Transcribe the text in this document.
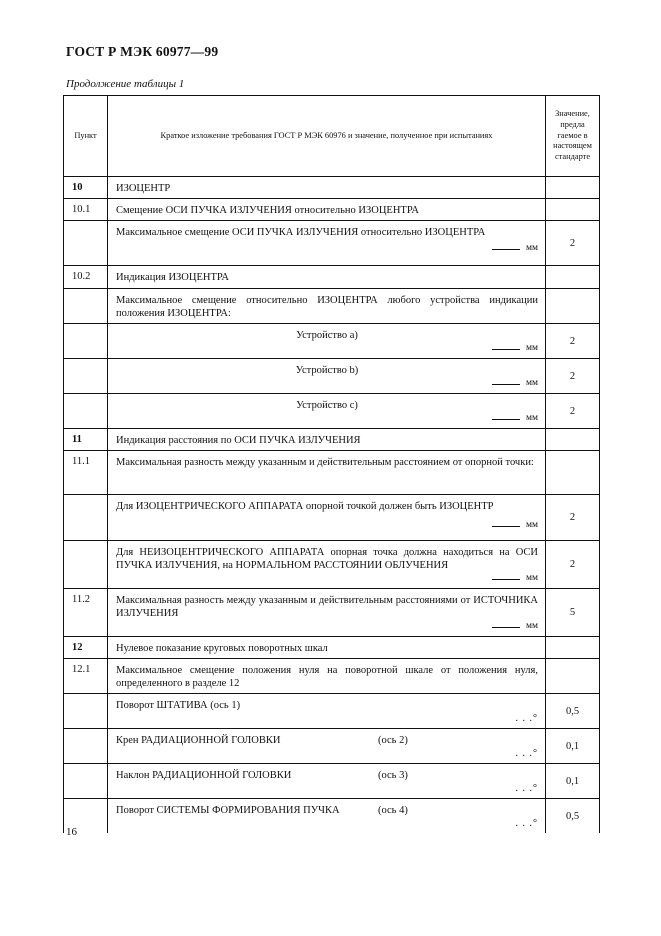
ГОСТ Р МЭК 60977—99
Продолжение таблицы 1
Пункт	Краткое изложение требования ГОСТ Р МЭК 60976 и значение, полученное при испытаниях	Значение,
предла
гаемое в
настоящем
стандарте
10	ИЗОЦЕНТР	
10.1	Смещение ОСИ ПУЧКА ИЗЛУЧЕНИЯ относительно ИЗОЦЕНТРА	

	Максимальное смещение ОСИ ПУЧКА ИЗЛУЧЕНИЯ относительно ИЗОЦЕНТРА
мм	2
10.2	Индикация ИЗОЦЕНТРА	
	Максимальное смещение относительно ИЗОЦЕНТРА любого устройства индикации положения ИЗОЦЕНТРА:	

	Устройство а)
мм	2

	Устройство b)
мм	2

	Устройство с)
мм	2
11	Индикация расстояния по ОСИ ПУЧКА ИЗЛУЧЕНИЯ	
11.1	Максимальная разность между указанным и действительным расстоянием от опорной точки:	

	Для ИЗОЦЕНТРИЧЕСКОГО АППАРАТА опорной точкой должен быть ИЗОЦЕНТР
мм	2

	Для НЕИЗОЦЕНТРИЧЕСКОГО АППАРАТА опорная точка должна находиться на ОСИ ПУЧКА ИЗЛУЧЕНИЯ, на НОРМАЛЬНОМ РАССТОЯНИИ ОБЛУЧЕНИЯ
мм	2
11.2	Максимальная разность между указанным и действительным расстояниями от ИСТОЧНИКА ИЗЛУЧЕНИЯ
мм	5
12	Нулевое показание круговых поворотных шкал	
12.1	Максимальное смещение положения нуля на поворотной шкале от положения нуля, определенного в разделе 12	

	Поворот ШТАТИВА (ось 1)
. . .°	0,5

	Крен РАДИАЦИОННОЙ ГОЛОВКИ (ось 2)
. . .°	0,1

	Наклон РАДИАЦИОННОЙ ГОЛОВКИ (ось 3)
. . .°	0,1

	Поворот СИСТЕМЫ ФОРМИРОВАНИЯ ПУЧКА (ось 4)
. . .°	0,5
16
